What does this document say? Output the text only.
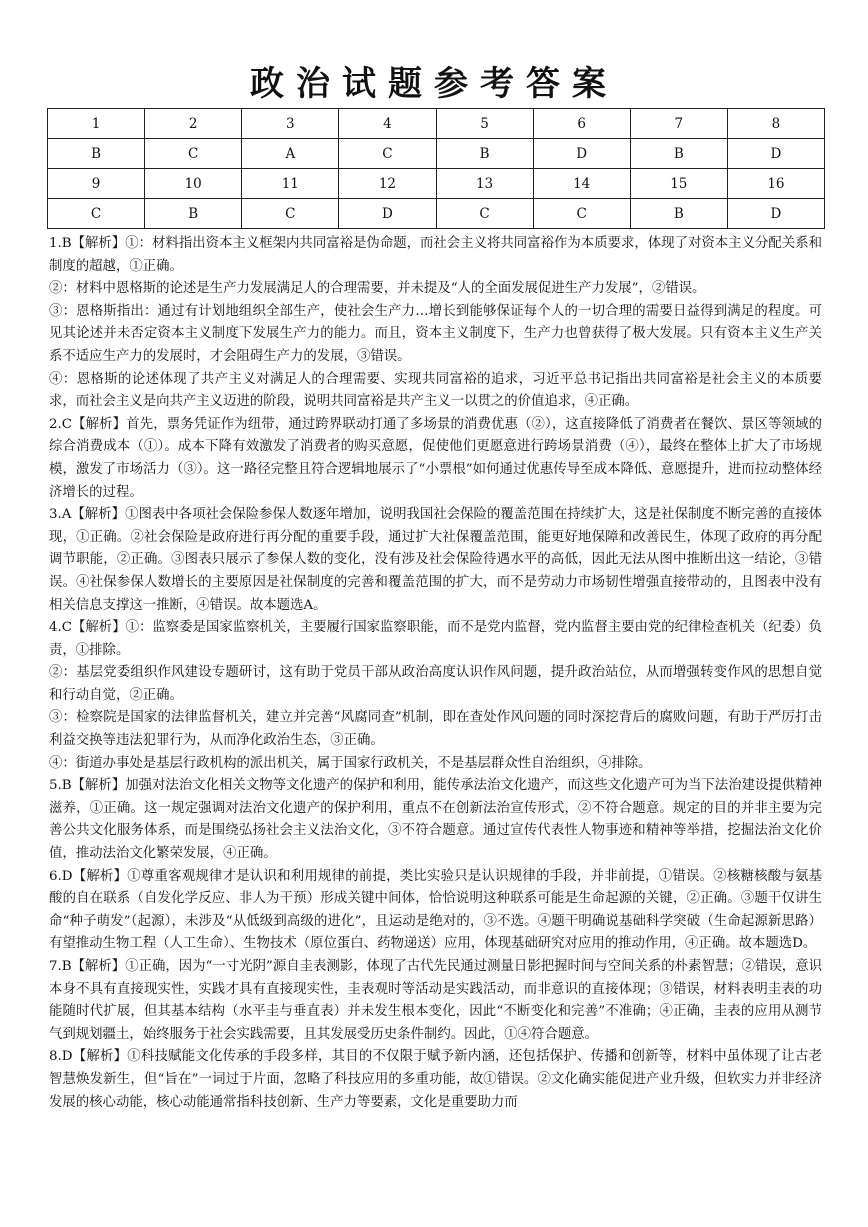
政治试题参考答案
1	2	3	4	5	6	7	8
B	C	A	C	B	D	B	D
9	10	11	12	13	14	15	16
C	B	C	D	C	C	B	D

1.B【解析】①：材料指出资本主义框架内共同富裕是伪命题，而社会主义将共同富裕作为本质要求，体现了对资本主义分配关系和制度的超越，①正确。

②：材料中恩格斯的论述是生产力发展满足人的合理需要，并未提及“人的全面发展促进生产力发展”，②错误。

③：恩格斯指出：通过有计划地组织全部生产，使社会生产力…增长到能够保证每个人的一切合理的需要日益得到满足的程度。可见其论述并未否定资本主义制度下发展生产力的能力。而且，资本主义制度下，生产力也曾获得了极大发展。只有资本主义生产关系不适应生产力的发展时，才会阻碍生产力的发展，③错误。

④：恩格斯的论述体现了共产主义对满足人的合理需要、实现共同富裕的追求，习近平总书记指出共同富裕是社会主义的本质要求，而社会主义是向共产主义迈进的阶段，说明共同富裕是共产主义一以贯之的价值追求，④正确。

2.C【解析】首先，票务凭证作为纽带，通过跨界联动打通了多场景的消费优惠（②），这直接降低了消费者在餐饮、景区等领域的综合消费成本（①）。成本下降有效激发了消费者的购买意愿，促使他们更愿意进行跨场景消费（④），最终在整体上扩大了市场规模，激发了市场活力（③）。这一路径完整且符合逻辑地展示了“小票根”如何通过优惠传导至成本降低、意愿提升，进而拉动整体经济增长的过程。

3.A【解析】①图表中各项社会保险参保人数逐年增加，说明我国社会保险的覆盖范围在持续扩大，这是社保制度不断完善的直接体现，①正确。②社会保险是政府进行再分配的重要手段，通过扩大社保覆盖范围，能更好地保障和改善民生，体现了政府的再分配调节职能，②正确。③图表只展示了参保人数的变化，没有涉及社会保险待遇水平的高低，因此无法从图中推断出这一结论，③错误。④社保参保人数增长的主要原因是社保制度的完善和覆盖范围的扩大，而不是劳动力市场韧性增强直接带动的，且图表中没有相关信息支撑这一推断，④错误。故本题选A。

4.C【解析】①：监察委是国家监察机关，主要履行国家监察职能，而不是党内监督，党内监督主要由党的纪律检查机关（纪委）负责，①排除。

②：基层党委组织作风建设专题研讨，这有助于党员干部从政治高度认识作风问题，提升政治站位，从而增强转变作风的思想自觉和行动自觉，②正确。

③：检察院是国家的法律监督机关，建立并完善“风腐同查”机制，即在查处作风问题的同时深挖背后的腐败问题，有助于严厉打击利益交换等违法犯罪行为，从而净化政治生态，③正确。

④：街道办事处是基层行政机构的派出机关，属于国家行政机关，不是基层群众性自治组织，④排除。

5.B【解析】加强对法治文化相关文物等文化遗产的保护和利用，能传承法治文化遗产，而这些文化遗产可为当下法治建设提供精神滋养，①正确。这一规定强调对法治文化遗产的保护利用，重点不在创新法治宣传形式，②不符合题意。规定的目的并非主要为完善公共文化服务体系，而是围绕弘扬社会主义法治文化，③不符合题意。通过宣传代表性人物事迹和精神等举措，挖掘法治文化价值，推动法治文化繁荣发展，④正确。

6.D【解析】①尊重客观规律才是认识和利用规律的前提，类比实验只是认识规律的手段，并非前提，①错误。②核糖核酸与氨基酸的自在联系（自发化学反应、非人为干预）形成关键中间体，恰恰说明这种联系可能是生命起源的关键，②正确。③题干仅讲生命“种子萌发”（起源），未涉及“从低级到高级的进化”，且运动是绝对的，③不选。④题干明确说基础科学突破（生命起源新思路）有望推动生物工程（人工生命）、生物技术（原位蛋白、药物递送）应用，体现基础研究对应用的推动作用，④正确。故本题选D。

7.B【解析】①正确，因为“一寸光阴”源自圭表测影，体现了古代先民通过测量日影把握时间与空间关系的朴素智慧；②错误，意识本身不具有直接现实性，实践才具有直接现实性，圭表观时等活动是实践活动，而非意识的直接体现；③错误，材料表明圭表的功能随时代扩展，但其基本结构（水平圭与垂直表）并未发生根本变化，因此“不断变化和完善”不准确；④正确，圭表的应用从测节气到规划疆土，始终服务于社会实践需要，且其发展受历史条件制约。因此，①④符合题意。

8.D【解析】①科技赋能文化传承的手段多样，其目的不仅限于赋予新内涵，还包括保护、传播和创新等，材料中虽体现了让古老智慧焕发新生，但“旨在”一词过于片面，忽略了科技应用的多重功能，故①错误。②文化确实能促进产业升级，但软实力并非经济发展的核心动能，核心动能通常指科技创新、生产力等要素，文化是重要助力而
